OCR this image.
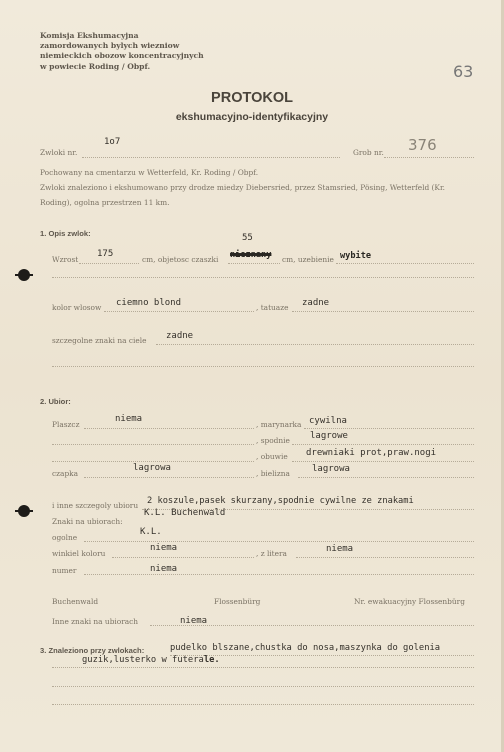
Komisja Ekshumacyjna
zamordowanych bylych wiezniow
niemieckich obozow koncentracyjnych
w powiecie Roding / Obpf.	63
PROTOKOL
ekshumacyjno-identyfikacyjny
Zwloki nr.
1o7
Grob nr. 376
Pochowany na cmentarzu w Wetterfeld, Kr. Roding / Obpf.
Zwloki znaleziono i ekshumowano przy drodze miedzy Diebersried, przez Stamsried, Pösing, Wetterfeld (Kr.
Roding), ogolna przestrzen 11 km.
1. Opis zwlok:	55
Wzrost
175
cm, objetosc czaszki nieznany cm, uzebienie wybite
kolor wlosow ciemno blond	, tatuaze zadne
szczegolne znaki na ciele zadne
2. Ubior:
Plaszcz
niema
, marynarka cywilna
, spodnie lagrowe
, obuwie drewniaki prot,praw.nogi
czapka
lagrowa
, bielizna lagrowa
i inne szczegoly ubioru 2 koszule,pasek skurzany,spodnie cywilne ze znakami
K.L. Buchenwald
Znaki na ubiorach:
ogolne
K.L.
winkiel koloru
niema
, z litera	niema
numer	niema
Buchenwald	Flossenbürg	Nr. ewakuacyjny Flossenbürg
Inne znaki na ubiorach	niema
3. Znaleziono przy zwlokach:	pudelko blszane,chustka do nosa,maszynka do golenia
guzik,lusterko w futerale.
